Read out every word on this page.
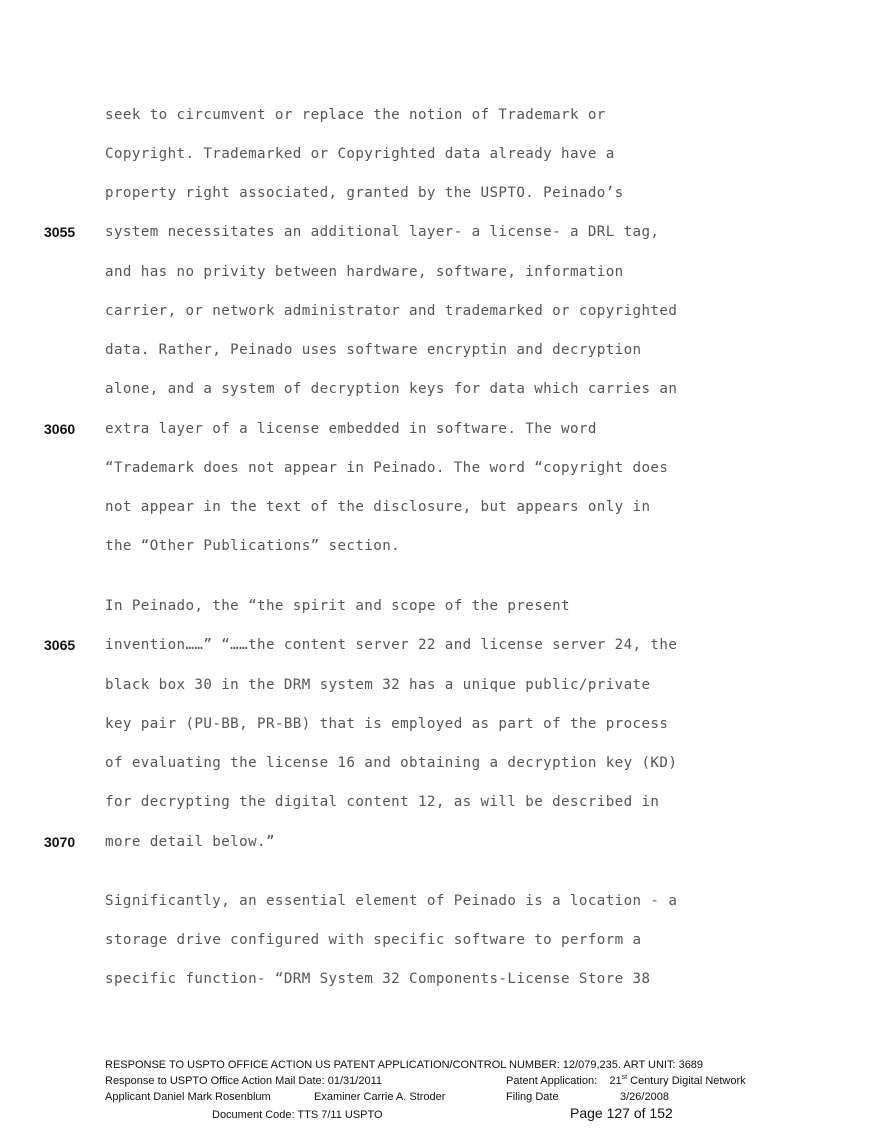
seek to circumvent or replace the notion of Trademark or
Copyright. Trademarked or Copyrighted data already have a
property right associated, granted by the USPTO. Peinado’s
system necessitates an additional layer- a license- a DRL tag,
and has no privity between hardware, software, information
carrier, or network administrator and trademarked or copyrighted
data. Rather, Peinado uses software encryptin and decryption
alone, and a system of decryption keys for data which carries an
extra layer of a license embedded in software. The word
“Trademark does not appear in Peinado. The word “copyright does
not appear in the text of the disclosure, but appears only in
the “Other Publications” section.
In Peinado, the “the spirit and scope of the present
invention……” “……the content server 22 and license server 24, the
black box 30 in the DRM system 32 has a unique public/private
key pair (PU-BB, PR-BB) that is employed as part of the process
of evaluating the license 16 and obtaining a decryption key (KD)
for decrypting the digital content 12, as will be described in
more detail below.”
Significantly, an essential element of Peinado is a location - a
storage drive configured with specific software to perform a
specific function- “DRM System 32 Components-License Store 38
3055
3060
3065
3070
RESPONSE TO USPTO OFFICE ACTION US PATENT APPLICATION/CONTROL NUMBER: 12/079,235. ART UNIT: 3689
Response to USPTO Office Action Mail Date: 01/31/2011	Patent Application: 21st Century Digital Network
Applicant Daniel Mark Rosenblum	Examiner Carrie A. Stroder	Filing Date	3/26/2008
Document Code: TTS 7/11 USPTO	Page 127 of 152
